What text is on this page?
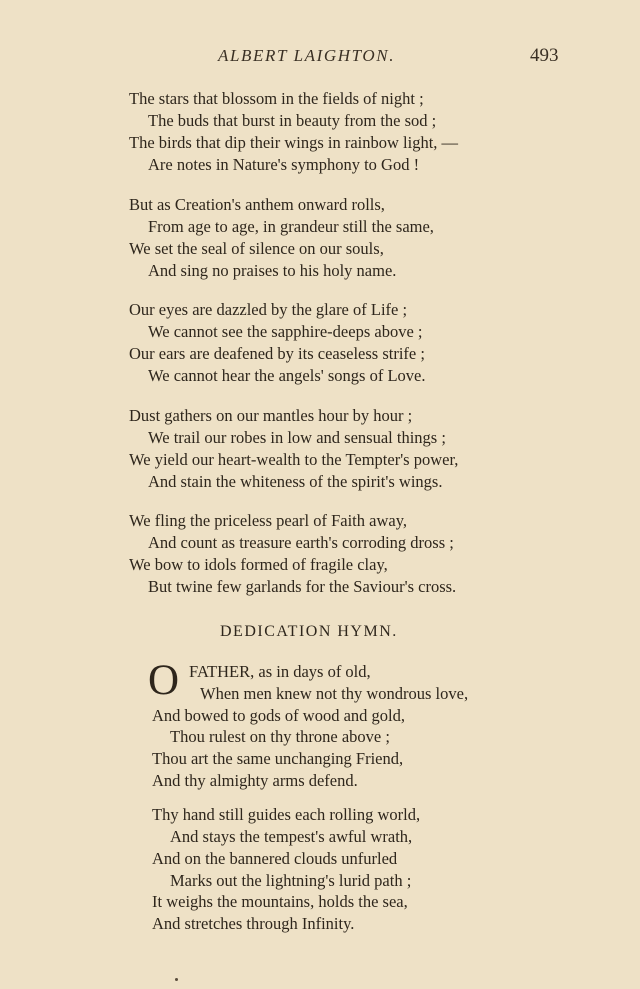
ALBERT LAIGHTON.	493
The stars that blossom in the fields of night ;
The buds that burst in beauty from the sod ;
The birds that dip their wings in rainbow light, —
Are notes in Nature's symphony to God !
But as Creation's anthem onward rolls,
From age to age, in grandeur still the same,
We set the seal of silence on our souls,
And sing no praises to his holy name.
Our eyes are dazzled by the glare of Life ;
We cannot see the sapphire-deeps above ;
Our ears are deafened by its ceaseless strife ;
We cannot hear the angels' songs of Love.
Dust gathers on our mantles hour by hour ;
We trail our robes in low and sensual things ;
We yield our heart-wealth to the Tempter's power,
And stain the whiteness of the spirit's wings.
We fling the priceless pearl of Faith away,
And count as treasure earth's corroding dross ;
We bow to idols formed of fragile clay,
But twine few garlands for the Saviour's cross.
DEDICATION HYMN.
O FATHER, as in days of old,
When men knew not thy wondrous love,
And bowed to gods of wood and gold,
Thou rulest on thy throne above ;
Thou art the same unchanging Friend,
And thy almighty arms defend.
Thy hand still guides each rolling world,
And stays the tempest's awful wrath,
And on the bannered clouds unfurled
Marks out the lightning's lurid path ;
It weighs the mountains, holds the sea,
And stretches through Infinity.
